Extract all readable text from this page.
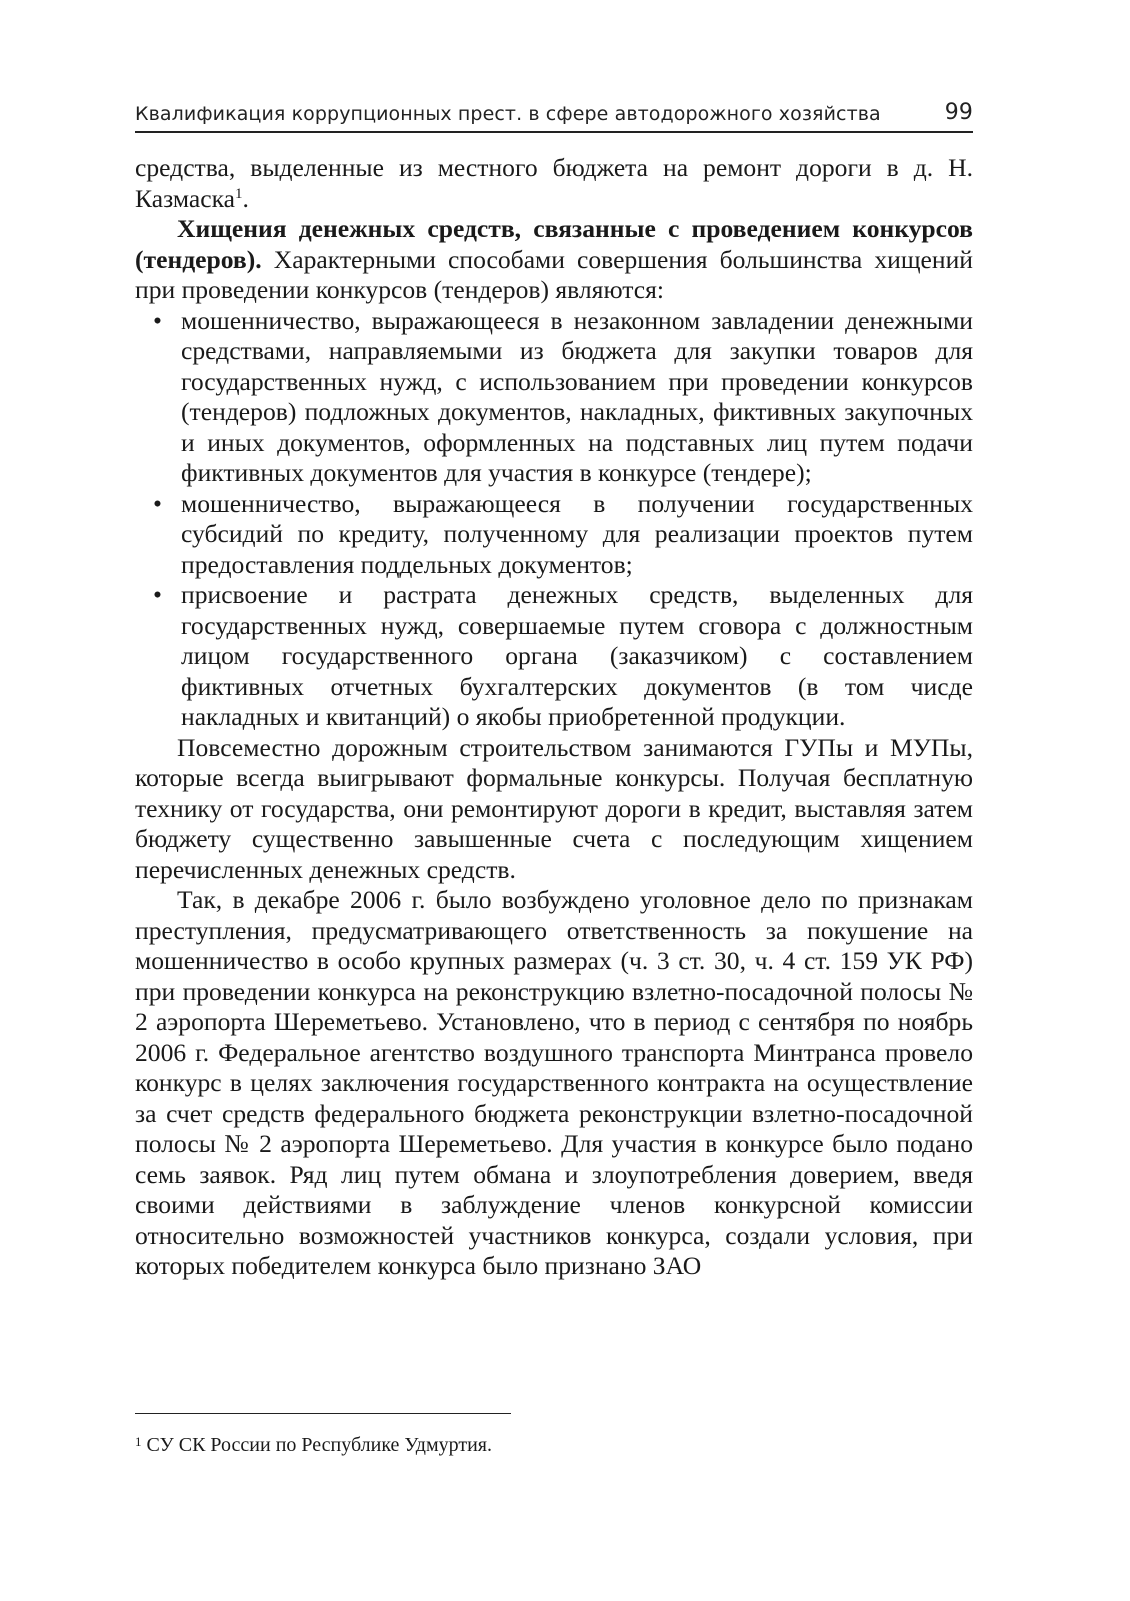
Квалификация коррупционных прест. в сфере автодорожного хозяйства	99

средства, выделенные из местного бюджета на ремонт дороги в д. Н. Казмаска$^1$.

Хищения денежных средств, связанные с проведением конкурсов (тендеров). Характерными способами совершения большинства хищений при проведении конкурсов (тендеров) являются:

• мошенничество, выражающееся в незаконном завладении денежными средствами, направляемыми из бюджета для закупки товаров для государственных нужд, с использованием при проведении конкурсов (тендеров) подложных документов, накладных, фиктивных закупочных и иных документов, оформленных на подставных лиц путем подачи фиктивных документов для участия в конкурсе (тендере);
• мошенничество, выражающееся в получении государственных субсидий по кредиту, полученному для реализации проектов путем предоставления поддельных документов;
• присвоение и растрата денежных средств, выделенных для государственных нужд, совершаемые путем сговора с должностным лицом государственного органа (заказчиком) с составлением фиктивных отчетных бухгалтерских документов (в том чисде накладных и квитанций) о якобы приобретенной продукции.

Повсеместно дорожным строительством занимаются ГУПы и МУПы, которые всегда выигрывают формальные конкурсы. Получая бесплатную технику от государства, они ремонтируют дороги в кредит, выставляя затем бюджету существенно завышенные счета с последующим хищением перечисленных денежных средств.

Так, в декабре 2006 г. было возбуждено уголовное дело по признакам преступления, предусматривающего ответственность за покушение на мошенничество в особо крупных размерах (ч. 3 ст. 30, ч. 4 ст. 159 УК РФ) при проведении конкурса на реконструкцию взлетно-посадочной полосы № 2 аэропорта Шереметьево. Установлено, что в период с сентября по ноябрь 2006 г. Федеральное агентство воздушного транспорта Минтранса провело конкурс в целях заключения государственного контракта на осуществление за счет средств федерального бюджета реконструкции взлетно-посадочной полосы № 2 аэропорта Шереметьево. Для участия в конкурсе было подано семь заявок. Ряд лиц путем обмана и злоупотребления доверием, введя своими действиями в заблуждение членов конкурсной комиссии относительно возможностей участников конкурса, создали условия, при которых победителем конкурса было признано ЗАО

$^1$ СУ СК России по Республике Удмуртия.
